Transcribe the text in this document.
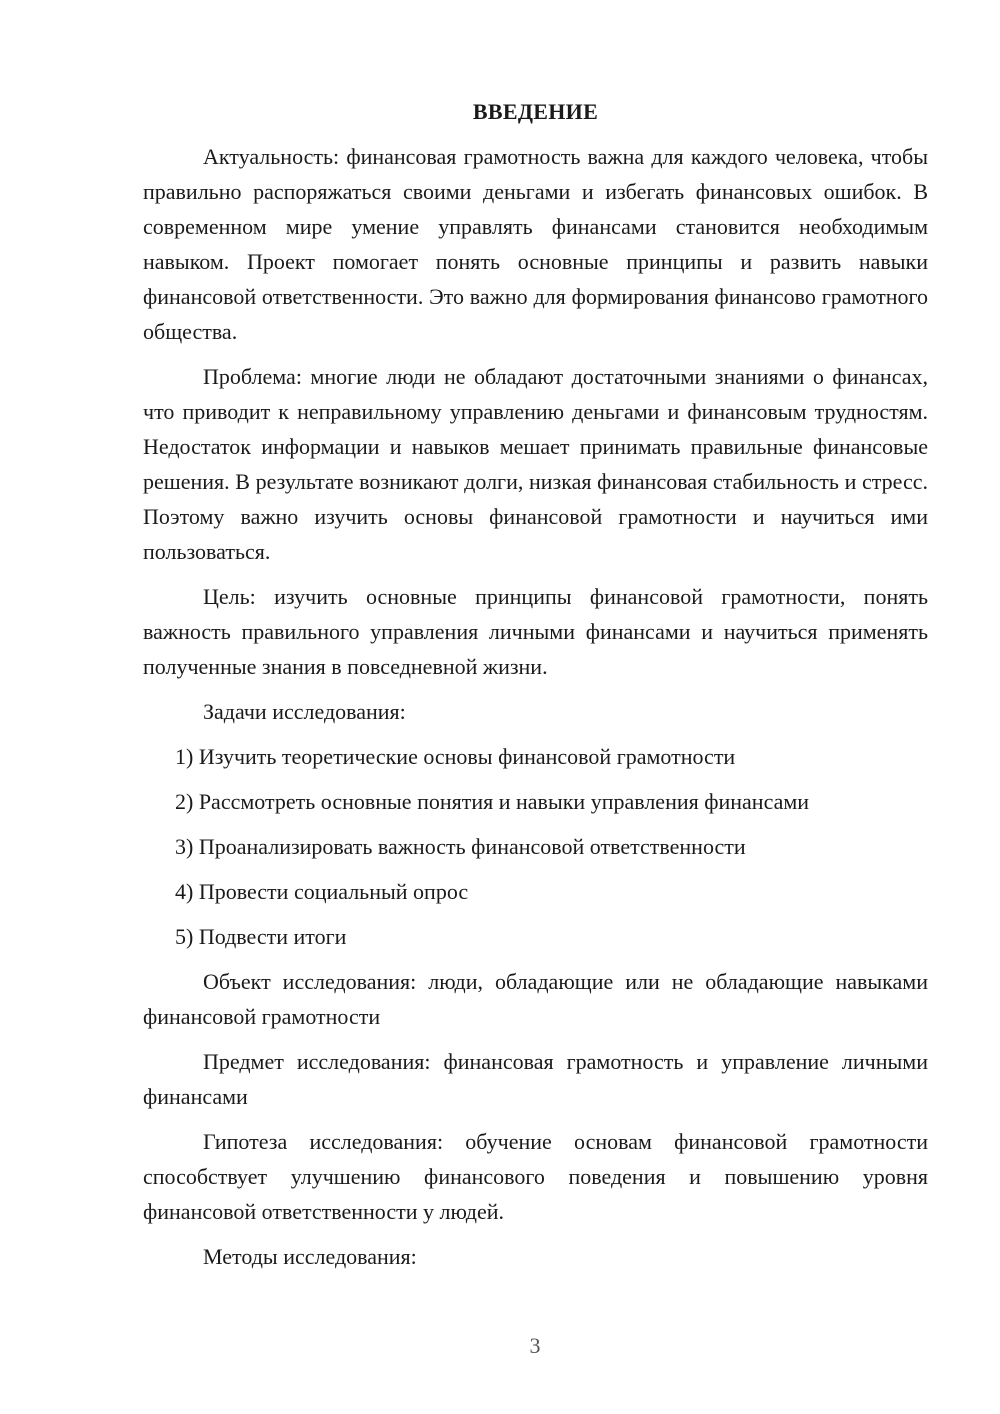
ВВЕДЕНИЕ

Актуальность: финансовая грамотность важна для каждого человека, чтобы правильно распоряжаться своими деньгами и избегать финансовых ошибок. В современном мире умение управлять финансами становится необходимым навыком. Проект помогает понять основные принципы и развить навыки финансовой ответственности. Это важно для формирования финансово грамотного общества.

Проблема: многие люди не обладают достаточными знаниями о финансах, что приводит к неправильному управлению деньгами и финансовым трудностям. Недостаток информации и навыков мешает принимать правильные финансовые решения. В результате возникают долги, низкая финансовая стабильность и стресс. Поэтому важно изучить основы финансовой грамотности и научиться ими пользоваться.

Цель: изучить основные принципы финансовой грамотности, понять важность правильного управления личными финансами и научиться применять полученные знания в повседневной жизни.

Задачи исследования:

1) Изучить теоретические основы финансовой грамотности
2) Рассмотреть основные понятия и навыки управления финансами
3) Проанализировать важность финансовой ответственности
4) Провести социальный опрос
5) Подвести итоги

Объект исследования: люди, обладающие или не обладающие навыками финансовой грамотности

Предмет исследования: финансовая грамотность и управление личными финансами

Гипотеза исследования: обучение основам финансовой грамотности способствует улучшению финансового поведения и повышению уровня финансовой ответственности у людей.

Методы исследования:

3
